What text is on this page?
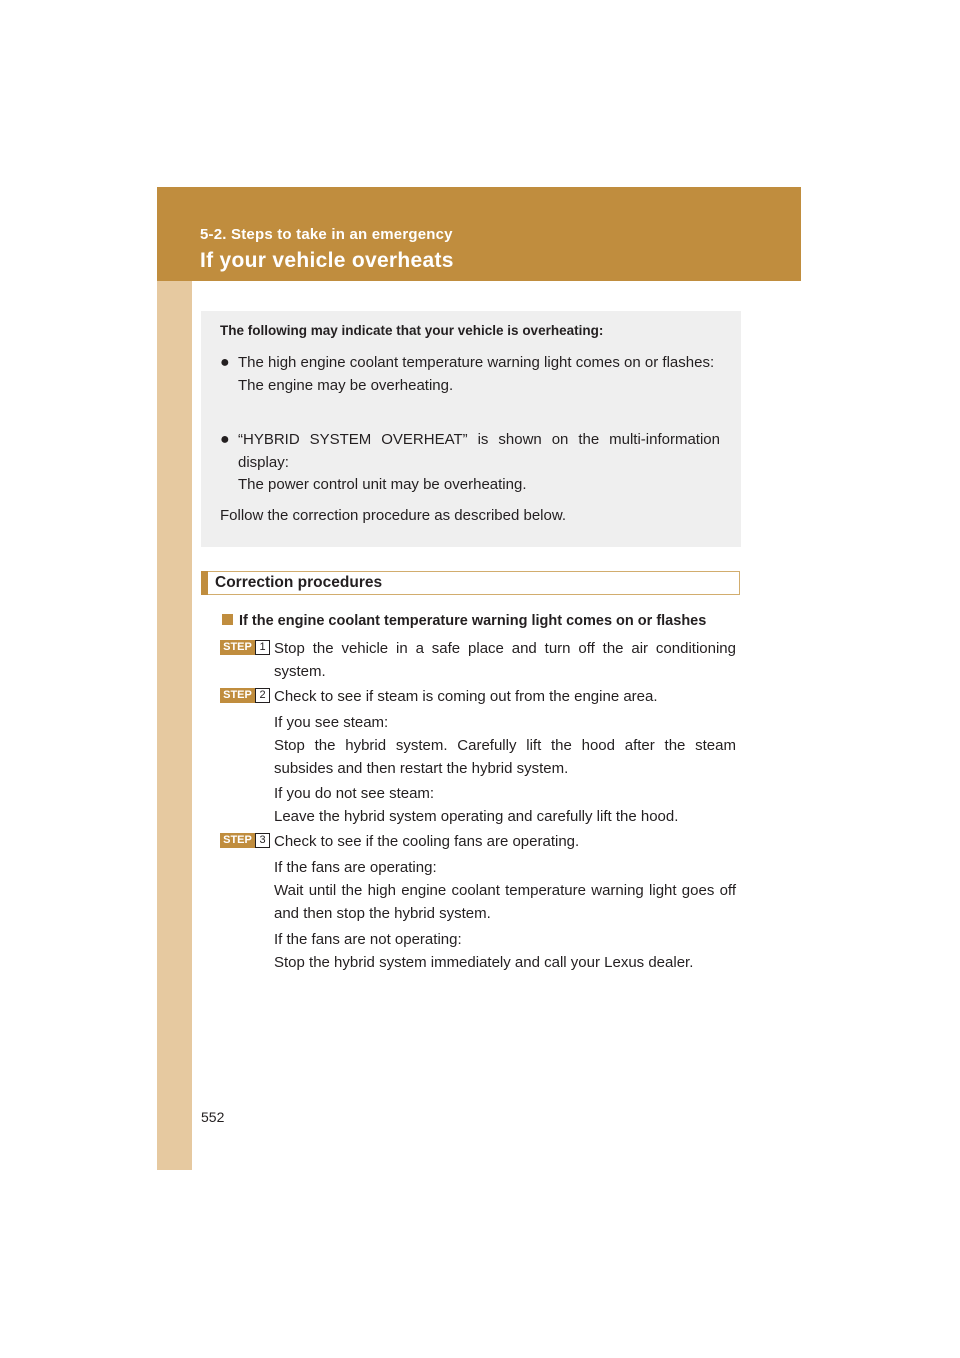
5-2. Steps to take in an emergency
If your vehicle overheats
The following may indicate that your vehicle is overheating:
● The high engine coolant temperature warning light comes on or flashes:
The engine may be overheating.
● “HYBRID SYSTEM OVERHEAT” is shown on the multi-information display:
The power control unit may be overheating.
Follow the correction procedure as described below.
Correction procedures
If the engine coolant temperature warning light comes on or flashes
STEP 1 Stop the vehicle in a safe place and turn off the air conditioning system.
STEP 2 Check to see if steam is coming out from the engine area.
If you see steam:
Stop the hybrid system. Carefully lift the hood after the steam subsides and then restart the hybrid system.
If you do not see steam:
Leave the hybrid system operating and carefully lift the hood.
STEP 3 Check to see if the cooling fans are operating.
If the fans are operating:
Wait until the high engine coolant temperature warning light goes off and then stop the hybrid system.
If the fans are not operating:
Stop the hybrid system immediately and call your Lexus dealer.
552
